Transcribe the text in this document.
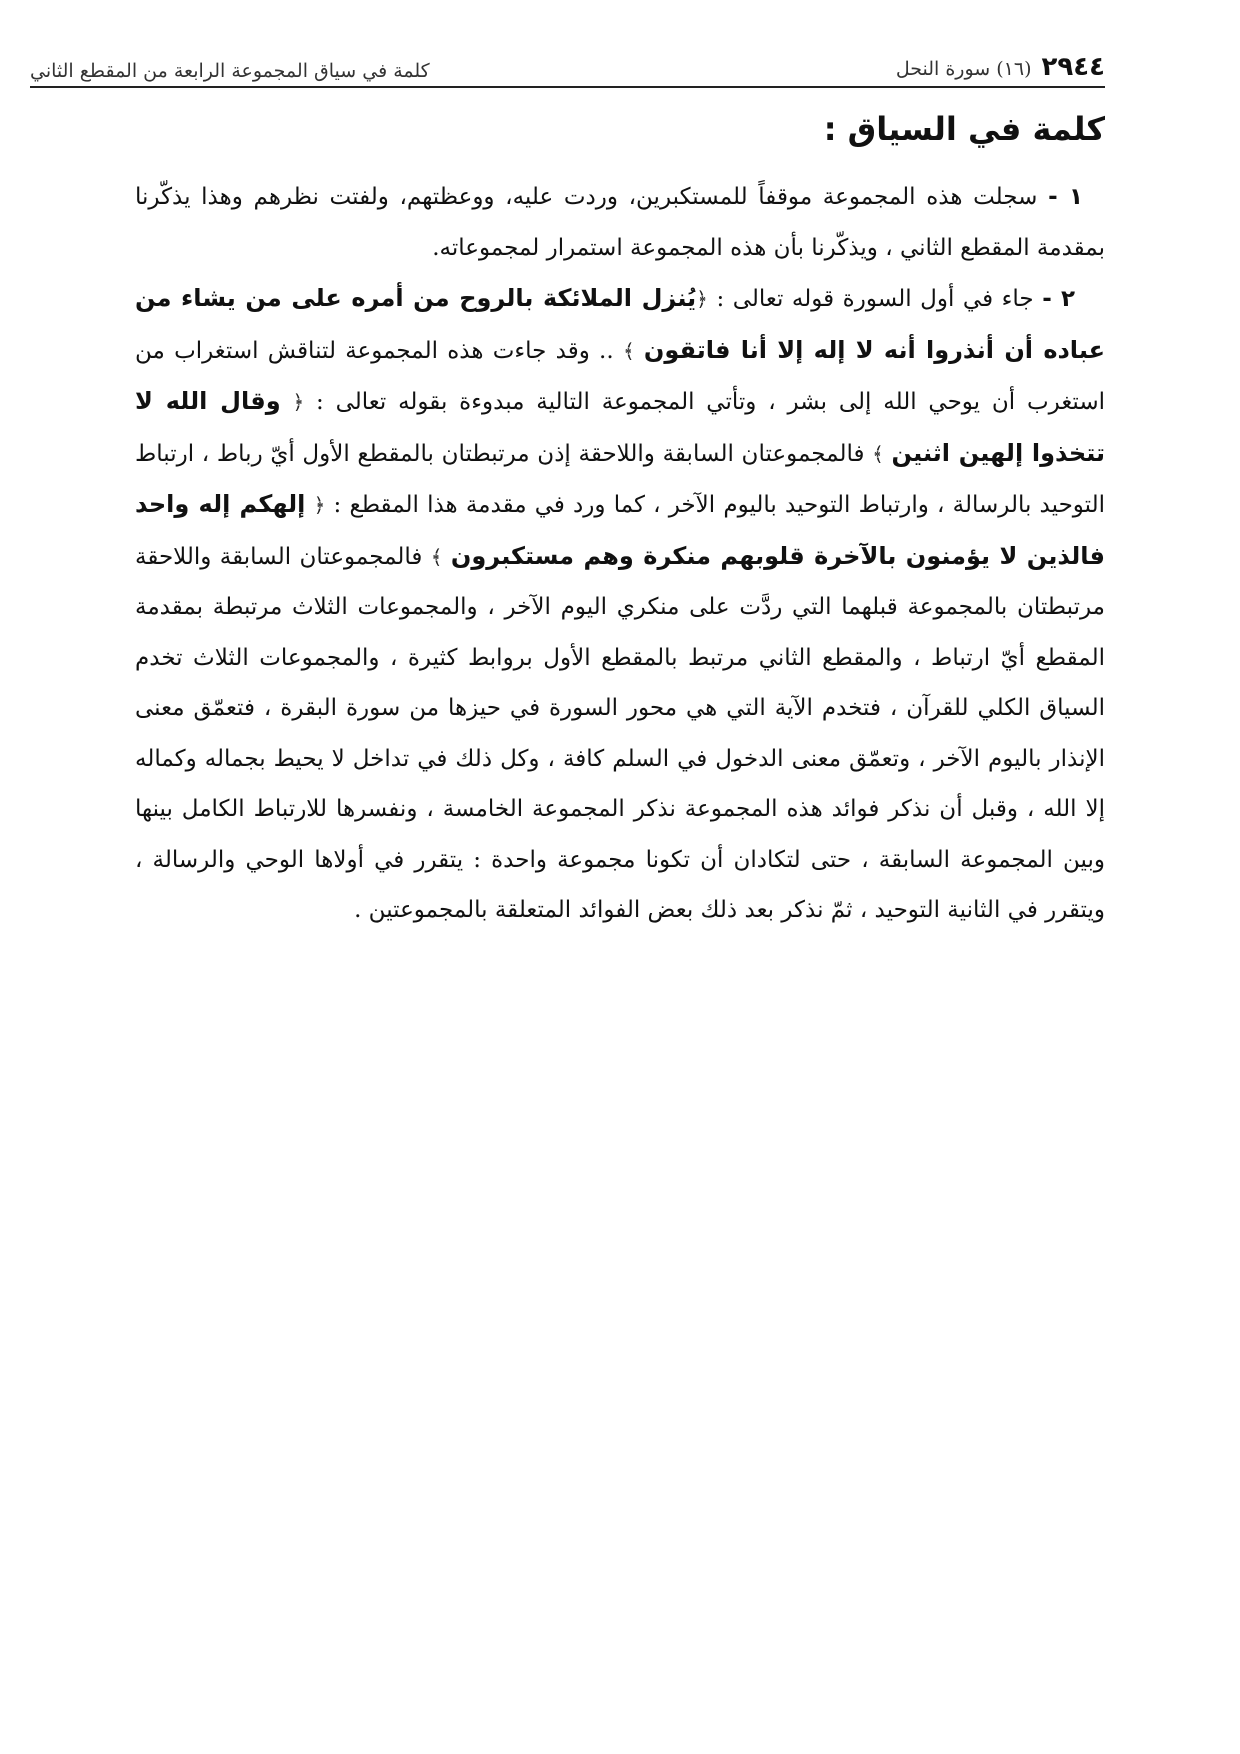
٢٩٤٤
(١٦) سورة النحل
كلمة في سياق المجموعة الرابعة من المقطع الثاني
كلمة في السياق :

١ - سجلت هذه المجموعة موقفاً للمستكبرين، وردت عليه، ووعظتهم، ولفتت نظرهم وهذا يذكّرنا بمقدمة المقطع الثاني ، ويذكّرنا بأن هذه المجموعة استمرار لمجموعاته.

٢ - جاء في أول السورة قوله تعالى : ﴿يُنزل الملائكة بالروح من أمره على من يشاء من عباده أن أنذروا أنه لا إله إلا أنا فاتقون ﴾ .. وقد جاءت هذه المجموعة لتناقش استغراب من استغرب أن يوحي الله إلى بشر ، وتأتي المجموعة التالية مبدوءة بقوله تعالى : ﴿ وقال الله لا تتخذوا إلهين اثنين ﴾ فالمجموعتان السابقة واللاحقة إذن مرتبطتان بالمقطع الأول أيّ رباط ، ارتباط التوحيد بالرسالة ، وارتباط التوحيد باليوم الآخر ، كما ورد في مقدمة هذا المقطع : ﴿ إلهكم إله واحد فالذين لا يؤمنون بالآخرة قلوبهم منكرة وهم مستكبرون ﴾ فالمجموعتان السابقة واللاحقة مرتبطتان بالمجموعة قبلهما التي ردَّت على منكري اليوم الآخر ، والمجموعات الثلاث مرتبطة بمقدمة المقطع أيّ ارتباط ، والمقطع الثاني مرتبط بالمقطع الأول بروابط كثيرة ، والمجموعات الثلاث تخدم السياق الكلي للقرآن ، فتخدم الآية التي هي محور السورة في حيزها من سورة البقرة ، فتعمّق معنى الإنذار باليوم الآخر ، وتعمّق معنى الدخول في السلم كافة ، وكل ذلك في تداخل لا يحيط بجماله وكماله إلا الله ، وقبل أن نذكر فوائد هذه المجموعة نذكر المجموعة الخامسة ، ونفسرها للارتباط الكامل بينها وبين المجموعة السابقة ، حتى لتكادان أن تكونا مجموعة واحدة : يتقرر في أولاها الوحي والرسالة ، ويتقرر في الثانية التوحيد ، ثمّ نذكر بعد ذلك بعض الفوائد المتعلقة بالمجموعتين .
